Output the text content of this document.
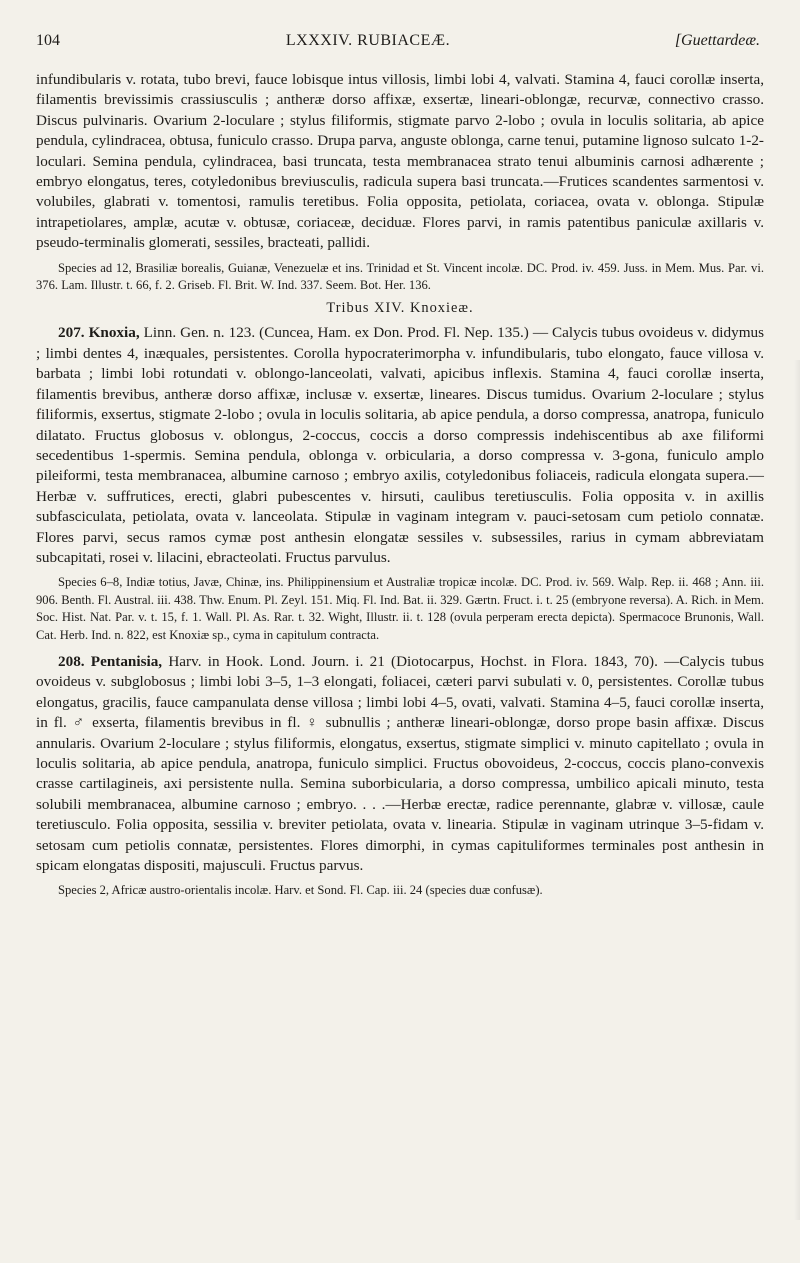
104	LXXXIV. RUBIACEÆ.	[Guettardeæ.

infundibularis v. rotata, tubo brevi, fauce lobisque intus villosis, limbi lobi 4, valvati. Stamina 4, fauci corollæ inserta, filamentis brevissimis crassiusculis ; antheræ dorso affixæ, exsertæ, lineari-oblongæ, recurvæ, connectivo crasso. Discus pulvinaris. Ovarium 2-loculare ; stylus filiformis, stigmate parvo 2-lobo ; ovula in loculis solitaria, ab apice pendula, cylindracea, obtusa, funiculo crasso. Drupa parva, anguste oblonga, carne tenui, putamine lignoso sulcato 1-2-loculari. Semina pendula, cylindracea, basi truncata, testa membranacea strato tenui albuminis carnosi adhærente ; embryo elongatus, teres, cotyledonibus breviusculis, radicula supera basi truncata.—Frutices scandentes sarmentosi v. volubiles, glabrati v. tomentosi, ramulis teretibus. Folia opposita, petiolata, coriacea, ovata v. oblonga. Stipulæ intrapetiolares, amplæ, acutæ v. obtusæ, coriaceæ, deciduæ. Flores parvi, in ramis patentibus paniculæ axillaris v. pseudo-terminalis glomerati, sessiles, bracteati, pallidi.

Species ad 12, Brasiliæ borealis, Guianæ, Venezuelæ et ins. Trinidad et St. Vincent incolæ. DC. Prod. iv. 459. Juss. in Mem. Mus. Par. vi. 376. Lam. Illustr. t. 66, f. 2. Griseb. Fl. Brit. W. Ind. 337. Seem. Bot. Her. 136.

Tribus XIV. Knoxieæ.

207. Knoxia, Linn. Gen. n. 123. (Cuncea, Ham. ex Don. Prod. Fl. Nep. 135.) — Calycis tubus ovoideus v. didymus ; limbi dentes 4, inæquales, persistentes. Corolla hypocraterimorpha v. infundibularis, tubo elongato, fauce villosa v. barbata ; limbi lobi rotundati v. oblongo-lanceolati, valvati, apicibus inflexis. Stamina 4, fauci corollæ inserta, filamentis brevibus, antheræ dorso affixæ, inclusæ v. exsertæ, lineares. Discus tumidus. Ovarium 2-loculare ; stylus filiformis, exsertus, stigmate 2-lobo ; ovula in loculis solitaria, ab apice pendula, a dorso compressa, anatropa, funiculo dilatato. Fructus globosus v. oblongus, 2-coccus, coccis a dorso compressis indehiscentibus ab axe filiformi secedentibus 1-spermis. Semina pendula, oblonga v. orbicularia, a dorso compressa v. 3-gona, funiculo amplo pileiformi, testa membranacea, albumine carnoso ; embryo axilis, cotyledonibus foliaceis, radicula elongata supera.—Herbæ v. suffrutices, erecti, glabri pubescentes v. hirsuti, caulibus teretiusculis. Folia opposita v. in axillis subfasciculata, petiolata, ovata v. lanceolata. Stipulæ in vaginam integram v. pauci-setosam cum petiolo connatæ. Flores parvi, secus ramos cymæ post anthesin elongatæ sessiles v. subsessiles, rarius in cymam abbreviatam subcapitati, rosei v. lilacini, ebracteolati. Fructus parvulus.

Species 6–8, Indiæ totius, Javæ, Chinæ, ins. Philippinensium et Australiæ tropicæ incolæ. DC. Prod. iv. 569. Walp. Rep. ii. 468 ; Ann. iii. 906. Benth. Fl. Austral. iii. 438. Thw. Enum. Pl. Zeyl. 151. Miq. Fl. Ind. Bat. ii. 329. Gærtn. Fruct. i. t. 25 (embryone reversa). A. Rich. in Mem. Soc. Hist. Nat. Par. v. t. 15, f. 1. Wall. Pl. As. Rar. t. 32. Wight, Illustr. ii. t. 128 (ovula perperam erecta depicta). Spermacoce Brunonis, Wall. Cat. Herb. Ind. n. 822, est Knoxiæ sp., cyma in capitulum contracta.

208. Pentanisia, Harv. in Hook. Lond. Journ. i. 21 (Diotocarpus, Hochst. in Flora. 1843, 70). —Calycis tubus ovoideus v. subglobosus ; limbi lobi 3–5, 1–3 elongati, foliacei, cæteri parvi subulati v. 0, persistentes. Corollæ tubus elongatus, gracilis, fauce campanulata dense villosa ; limbi lobi 4–5, ovati, valvati. Stamina 4–5, fauci corollæ inserta, in fl. ♂ exserta, filamentis brevibus in fl. ♀ subnullis ; antheræ lineari-oblongæ, dorso prope basin affixæ. Discus annularis. Ovarium 2-loculare ; stylus filiformis, elongatus, exsertus, stigmate simplici v. minuto capitellato ; ovula in loculis solitaria, ab apice pendula, anatropa, funiculo simplici. Fructus obovoideus, 2-coccus, coccis plano-convexis crasse cartilagineis, axi persistente nulla. Semina suborbicularia, a dorso compressa, umbilico apicali minuto, testa solubili membranacea, albumine carnoso ; embryo. . . .—Herbæ erectæ, radice perennante, glabræ v. villosæ, caule teretiusculo. Folia opposita, sessilia v. breviter petiolata, ovata v. linearia. Stipulæ in vaginam utrinque 3–5-fidam v. setosam cum petiolis connatæ, persistentes. Flores dimorphi, in cymas capituliformes terminales post anthesin in spicam elongatas dispositi, majusculi. Fructus parvus.

Species 2, Africæ austro-orientalis incolæ. Harv. et Sond. Fl. Cap. iii. 24 (species duæ confusæ).
